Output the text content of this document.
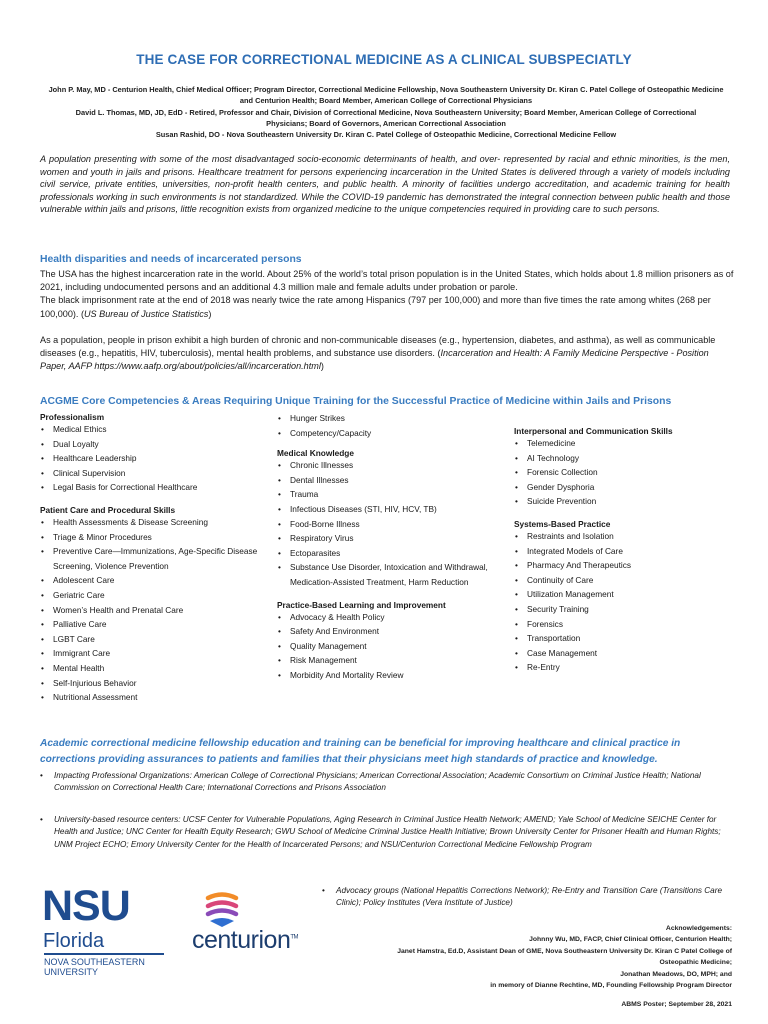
THE CASE FOR CORRECTIONAL MEDICINE AS A CLINICAL SUBSPECIATLY
John P. May, MD - Centurion Health, Chief Medical Officer; Program Director, Correctional Medicine Fellowship, Nova Southeastern University Dr. Kiran C. Patel College of Osteopathic Medicine
and Centurion Health; Board Member, American College of Correctional Physicians
David L. Thomas, MD, JD, EdD - Retired, Professor and Chair, Division of Correctional Medicine, Nova Southeastern University; Board Member, American College of Correctional
Physicians; Board of Governors, American Correctional Association
Susan Rashid, DO - Nova Southeastern University Dr. Kiran C. Patel College of Osteopathic Medicine, Correctional Medicine Fellow
A population presenting with some of the most disadvantaged socio-economic determinants of health, and over- represented by racial and ethnic minorities, is the men, women and youth in jails and prisons. Healthcare treatment for persons experiencing incarceration in the United States is delivered through a variety of models including civil service, private entities, universities, non-profit health centers, and public health. A minority of facilities undergo accreditation, and academic training for health professionals working in such environments is not standardized. While the COVID-19 pandemic has demonstrated the integral connection between public health and those vulnerable within jails and prisons, little recognition exists from organized medicine to the unique competencies required in providing care to such persons.
Health disparities and needs of incarcerated persons
The USA has the highest incarceration rate in the world. About 25% of the world’s total prison population is in the United States, which holds about 1.8 million prisoners as of 2021, including undocumented persons and an additional 4.3 million male and female adults under probation or parole.
The black imprisonment rate at the end of 2018 was nearly twice the rate among Hispanics (797 per 100,000) and more than five times the rate among whites (268 per 100,000). (US Bureau of Justice Statistics)
As a population, people in prison exhibit a high burden of chronic and non-communicable diseases (e.g., hypertension, diabetes, and asthma), as well as communicable diseases (e.g., hepatitis, HIV, tuberculosis), mental health problems, and substance use disorders. (Incarceration and Health: A Family Medicine Perspective - Position Paper, AAFP https://www.aafp.org/about/policies/all/incarceration.html)
ACGME Core Competencies & Areas Requiring Unique Training for the Successful Practice of Medicine within Jails and Prisons
Professionalism
• Medical Ethics
• Dual Loyalty
• Healthcare Leadership
• Clinical Supervision
• Legal Basis for Correctional Healthcare
Patient Care and Procedural Skills
• Health Assessments & Disease Screening
• Triage & Minor Procedures
• Preventive Care—Immunizations, Age-Specific Disease Screening, Violence Prevention
• Adolescent Care
• Geriatric Care
• Women’s Health and Prenatal Care
• Palliative Care
• LGBT Care
• Immigrant Care
• Mental Health
• Self-Injurious Behavior
• Nutritional Assessment
• Hunger Strikes
• Competency/Capacity
Medical Knowledge
• Chronic Illnesses
• Dental Illnesses
• Trauma
• Infectious Diseases (STI, HIV, HCV, TB)
• Food-Borne Illness
• Respiratory Virus
• Ectoparasites
• Substance Use Disorder, Intoxication and Withdrawal, Medication-Assisted Treatment, Harm Reduction
Practice-Based Learning and Improvement
• Advocacy & Health Policy
• Safety And Environment
• Quality Management
• Risk Management
• Morbidity And Mortality Review
Interpersonal and Communication Skills
• Telemedicine
• AI Technology
• Forensic Collection
• Gender Dysphoria
• Suicide Prevention
Systems-Based Practice
• Restraints and Isolation
• Integrated Models of Care
• Pharmacy And Therapeutics
• Continuity of Care
• Utilization Management
• Security Training
• Forensics
• Transportation
• Case Management
• Re-Entry
Academic correctional medicine fellowship education and training can be beneficial for improving healthcare and clinical practice in corrections providing assurances to patients and families that their physicians meet high standards of practice and knowledge.
• Impacting Professional Organizations: American College of Correctional Physicians; American Correctional Association; Academic Consortium on Criminal Justice Health; National Commission on Correctional Health Care; International Corrections and Prisons Association
• University-based resource centers: UCSF Center for Vulnerable Populations, Aging Research in Criminal Justice Health Network; AMEND; Yale School of Medicine SEICHE Center for Health and Justice; UNC Center for Health Equity Research; GWU School of Medicine Criminal Justice Health Initiative; Brown University Center for Prisoner Health and Human Rights; UNM Project ECHO; Emory University Center for the Health of Incarcerated Persons; and NSU/Centurion Correctional Medicine Fellowship Program
• Advocacy groups (National Hepatitis Corrections Network); Re-Entry and Transition Care (Transitions Care Clinic); Policy Institutes (Vera Institute of Justice)
NSU
Florida
NOVA SOUTHEASTERN
UNIVERSITY
centurion™
Acknowledgements:
Johnny Wu, MD, FACP, Chief Clinical Officer, Centurion Health;
Janet Hamstra, Ed.D, Assistant Dean of GME, Nova Southeastern University Dr. Kiran C Patel College of
Osteopathic Medicine;
Jonathan Meadows, DO, MPH; and
in memory of Dianne Rechtine, MD, Founding Fellowship Program Director
ABMS Poster; September 28, 2021
